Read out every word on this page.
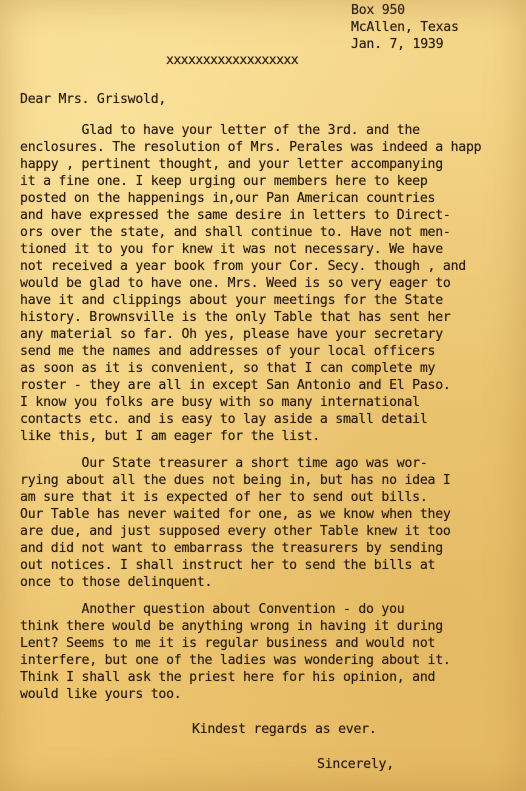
Box 950
McAllen, Texas
Jan. 7, 1939
xxxxxxxxxxxxxxxxxx
Dear Mrs. Griswold,
Glad to have your letter of the 3rd. and the
enclosures. The resolution of Mrs. Perales was indeed a happ
happy , pertinent thought, and your letter accompanying
it a fine one. I keep urging our members here to keep
posted on the happenings in,our Pan American countries
and have expressed the same desire in letters to Direct-
ors over the state, and shall continue to. Have not men-
tioned it to you for knew it was not necessary. We have
not received a year book from your Cor. Secy. though , and
would be glad to have one. Mrs. Weed is so very eager to
have it and clippings about your meetings for the State
history. Brownsville is the only Table that has sent her
any material so far. Oh yes, please have your secretary
send me the names and addresses of your local officers
as soon as it is convenient, so that I can complete my
roster - they are all in except San Antonio and El Paso.
I know you folks are busy with so many international
contacts etc. and is easy to lay aside a small detail
like this, but I am eager for the list.
Our State treasurer a short time ago was wor-
rying about all the dues not being in, but has no idea I
am sure that it is expected of her to send out bills.
Our Table has never waited for one, as we know when they
are due, and just supposed every other Table knew it too
and did not want to embarrass the treasurers by sending
out notices. I shall instruct her to send the bills at
once to those delinquent.
Another question about Convention - do you
think there would be anything wrong in having it during
Lent? Seems to me it is regular business and would not
interfere, but one of the ladies was wondering about it.
Think I shall ask the priest here for his opinion, and
would like yours too.
Kindest regards as ever.
Sincerely,
